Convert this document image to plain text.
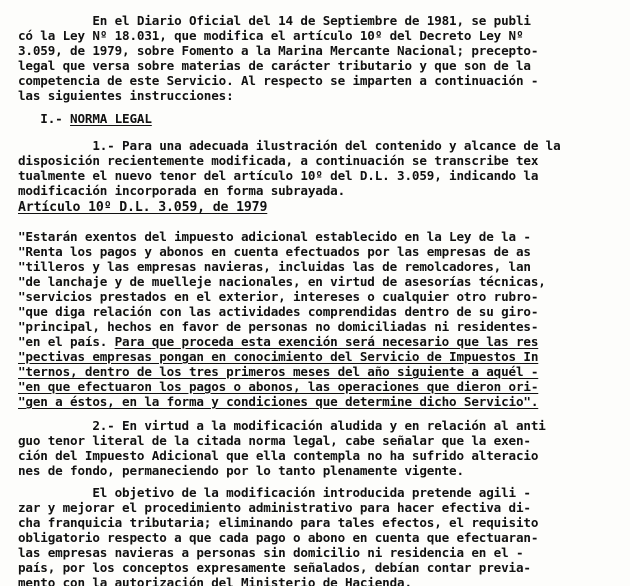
En el Diario Oficial del 14 de Septiembre de 1981, se publi
có la Ley Nº 18.031, que modifica el artículo 10º del Decreto Ley Nº
3.059, de 1979, sobre Fomento a la Marina Mercante Nacional; precepto-
legal que versa sobre materias de carácter tributario y que son de la
competencia de este Servicio. Al respecto se imparten a continuación -
las siguientes instrucciones:
I.- NORMA LEGAL
1.- Para una adecuada ilustración del contenido y alcance de la
disposición recientemente modificada, a continuación se transcribe tex
tualmente el nuevo tenor del artículo 10º del D.L. 3.059, indicando la
modificación incorporada en forma subrayada.
Artículo 10º D.L. 3.059, de 1979
"Estarán exentos del impuesto adicional establecido en la Ley de la -
"Renta los pagos y abonos en cuenta efectuados por las empresas de as
"tilleros y las empresas navieras, incluidas las de remolcadores, lan
"de lanchaje y de muelleje nacionales, en virtud de asesorías técnicas,
"servicios prestados en el exterior, intereses o cualquier otro rubro-
"que diga relación con las actividades comprendidas dentro de su giro-
"principal, hechos en favor de personas no domiciliadas ni residentes-
"en el país. Para que proceda esta exención será necesario que las res
"pectivas empresas pongan en conocimiento del Servicio de Impuestos In
"ternos, dentro de los tres primeros meses del año siguiente a aquél -
"en que efectuaron los pagos o abonos, las operaciones que dieron ori-
"gen a éstos, en la forma y condiciones que determine dicho Servicio".
2.- En virtud a la modificación aludida y en relación al anti
guo tenor literal de la citada norma legal, cabe señalar que la exen-
ción del Impuesto Adicional que ella contempla no ha sufrido alteracio
nes de fondo, permaneciendo por lo tanto plenamente vigente.
El objetivo de la modificación introducida pretende agili -
zar y mejorar el procedimiento administrativo para hacer efectiva di-
cha franquicia tributaria; eliminando para tales efectos, el requisito
obligatorio respecto a que cada pago o abono en cuenta que efectuaran-
las empresas navieras a personas sin domicilio ni residencia en el -
país, por los conceptos expresamente señalados, debían contar previa-
mento con la autorización del Ministerio de Hacienda.
